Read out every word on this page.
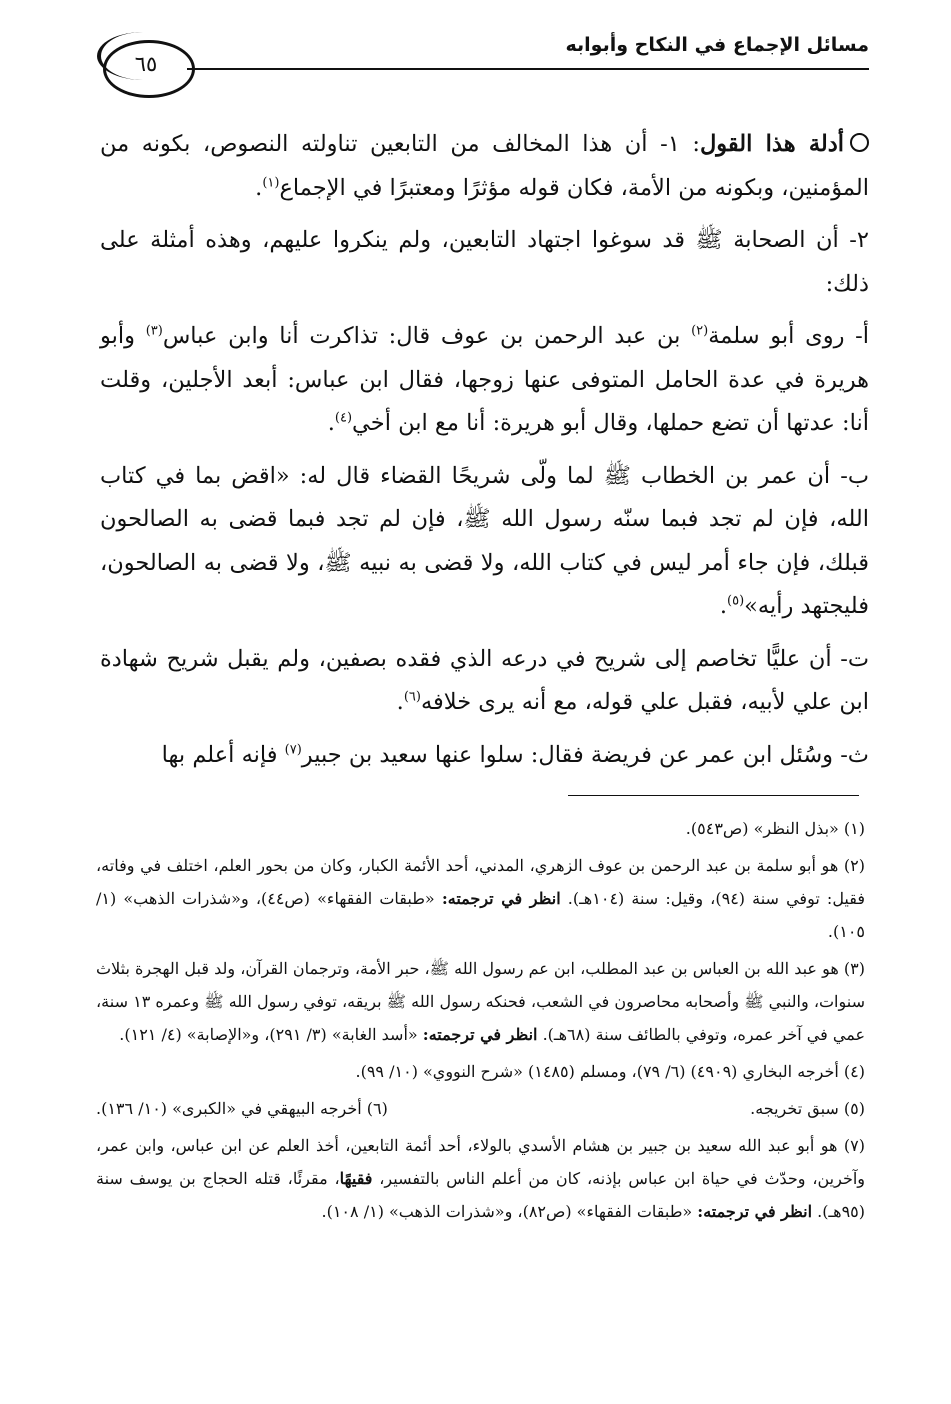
مسائل الإجماع في النكاح وأبوابه
٦٥

أدلة هذا القول: ١- أن هذا المخالف من التابعين تناولته النصوص، بكونه من المؤمنين، وبكونه من الأمة، فكان قوله مؤثرًا ومعتبرًا في الإجماع$^{(١)}$.

٢- أن الصحابة ﷺ قد سوغوا اجتهاد التابعين، ولم ينكروا عليهم، وهذه أمثلة على ذلك:

أ- روى أبو سلمة$^{(٢)}$ بن عبد الرحمن بن عوف قال: تذاكرت أنا وابن عباس$^{(٣)}$ وأبو هريرة في عدة الحامل المتوفى عنها زوجها، فقال ابن عباس: أبعد الأجلين، وقلت أنا: عدتها أن تضع حملها، وقال أبو هريرة: أنا مع ابن أخي$^{(٤)}$.

ب- أن عمر بن الخطاب ﷺ لما ولّى شريحًا القضاء قال له: «اقض بما في كتاب الله، فإن لم تجد فبما سنّه رسول الله ﷺ، فإن لم تجد فبما قضى به الصالحون قبلك، فإن جاء أمر ليس في كتاب الله، ولا قضى به نبيه ﷺ، ولا قضى به الصالحون، فليجتهد رأيه»$^{(٥)}$.

ت- أن عليًّا تخاصم إلى شريح في درعه الذي فقده بصفين، ولم يقبل شريح شهادة ابن علي لأبيه، فقبل علي قوله، مع أنه يرى خلافه$^{(٦)}$.

ث- وسُئل ابن عمر عن فريضة فقال: سلوا عنها سعيد بن جبير$^{(٧)}$ فإنه أعلم بها

(١) «بذل النظر» (ص٥٤٣).

(٢) هو أبو سلمة بن عبد الرحمن بن عوف الزهري، المدني، أحد الأئمة الكبار، وكان من بحور العلم، اختلف في وفاته، فقيل: توفي سنة (٩٤)، وقيل: سنة (١٠٤هـ). انظر في ترجمته: «طبقات الفقهاء» (ص٤٤)، و«شذرات الذهب» (١/ ١٠٥).

(٣) هو عبد الله بن العباس بن عبد المطلب، ابن عم رسول الله ﷺ، حبر الأمة، وترجمان القرآن، ولد قبل الهجرة بثلاث سنوات، والنبي ﷺ وأصحابه محاصرون في الشعب، فحنكه رسول الله ﷺ بريقه، توفي رسول الله ﷺ وعمره ١٣ سنة، عمي في آخر عمره، وتوفي بالطائف سنة (٦٨هـ). انظر في ترجمته: «أسد الغابة» (٣/ ٢٩١)، و«الإصابة» (٤/ ١٢١).

(٤) أخرجه البخاري (٤٩٠٩) (٦/ ٧٩)، ومسلم (١٤٨٥) «شرح النووي» (١٠/ ٩٩).

(٥) سبق تخريجه.

(٦) أخرجه البيهقي في «الكبرى» (١٠/ ١٣٦).

(٧) هو أبو عبد الله سعيد بن جبير بن هشام الأسدي بالولاء، أحد أئمة التابعين، أخذ العلم عن ابن عباس، وابن عمر، وآخرين، وحدّث في حياة ابن عباس بإذنه، كان من أعلم الناس بالتفسير، فقيهًا، مقرئًا، قتله الحجاج بن يوسف سنة (٩٥هـ). انظر في ترجمته: «طبقات الفقهاء» (ص٨٢)، و«شذرات الذهب» (١/ ١٠٨).
